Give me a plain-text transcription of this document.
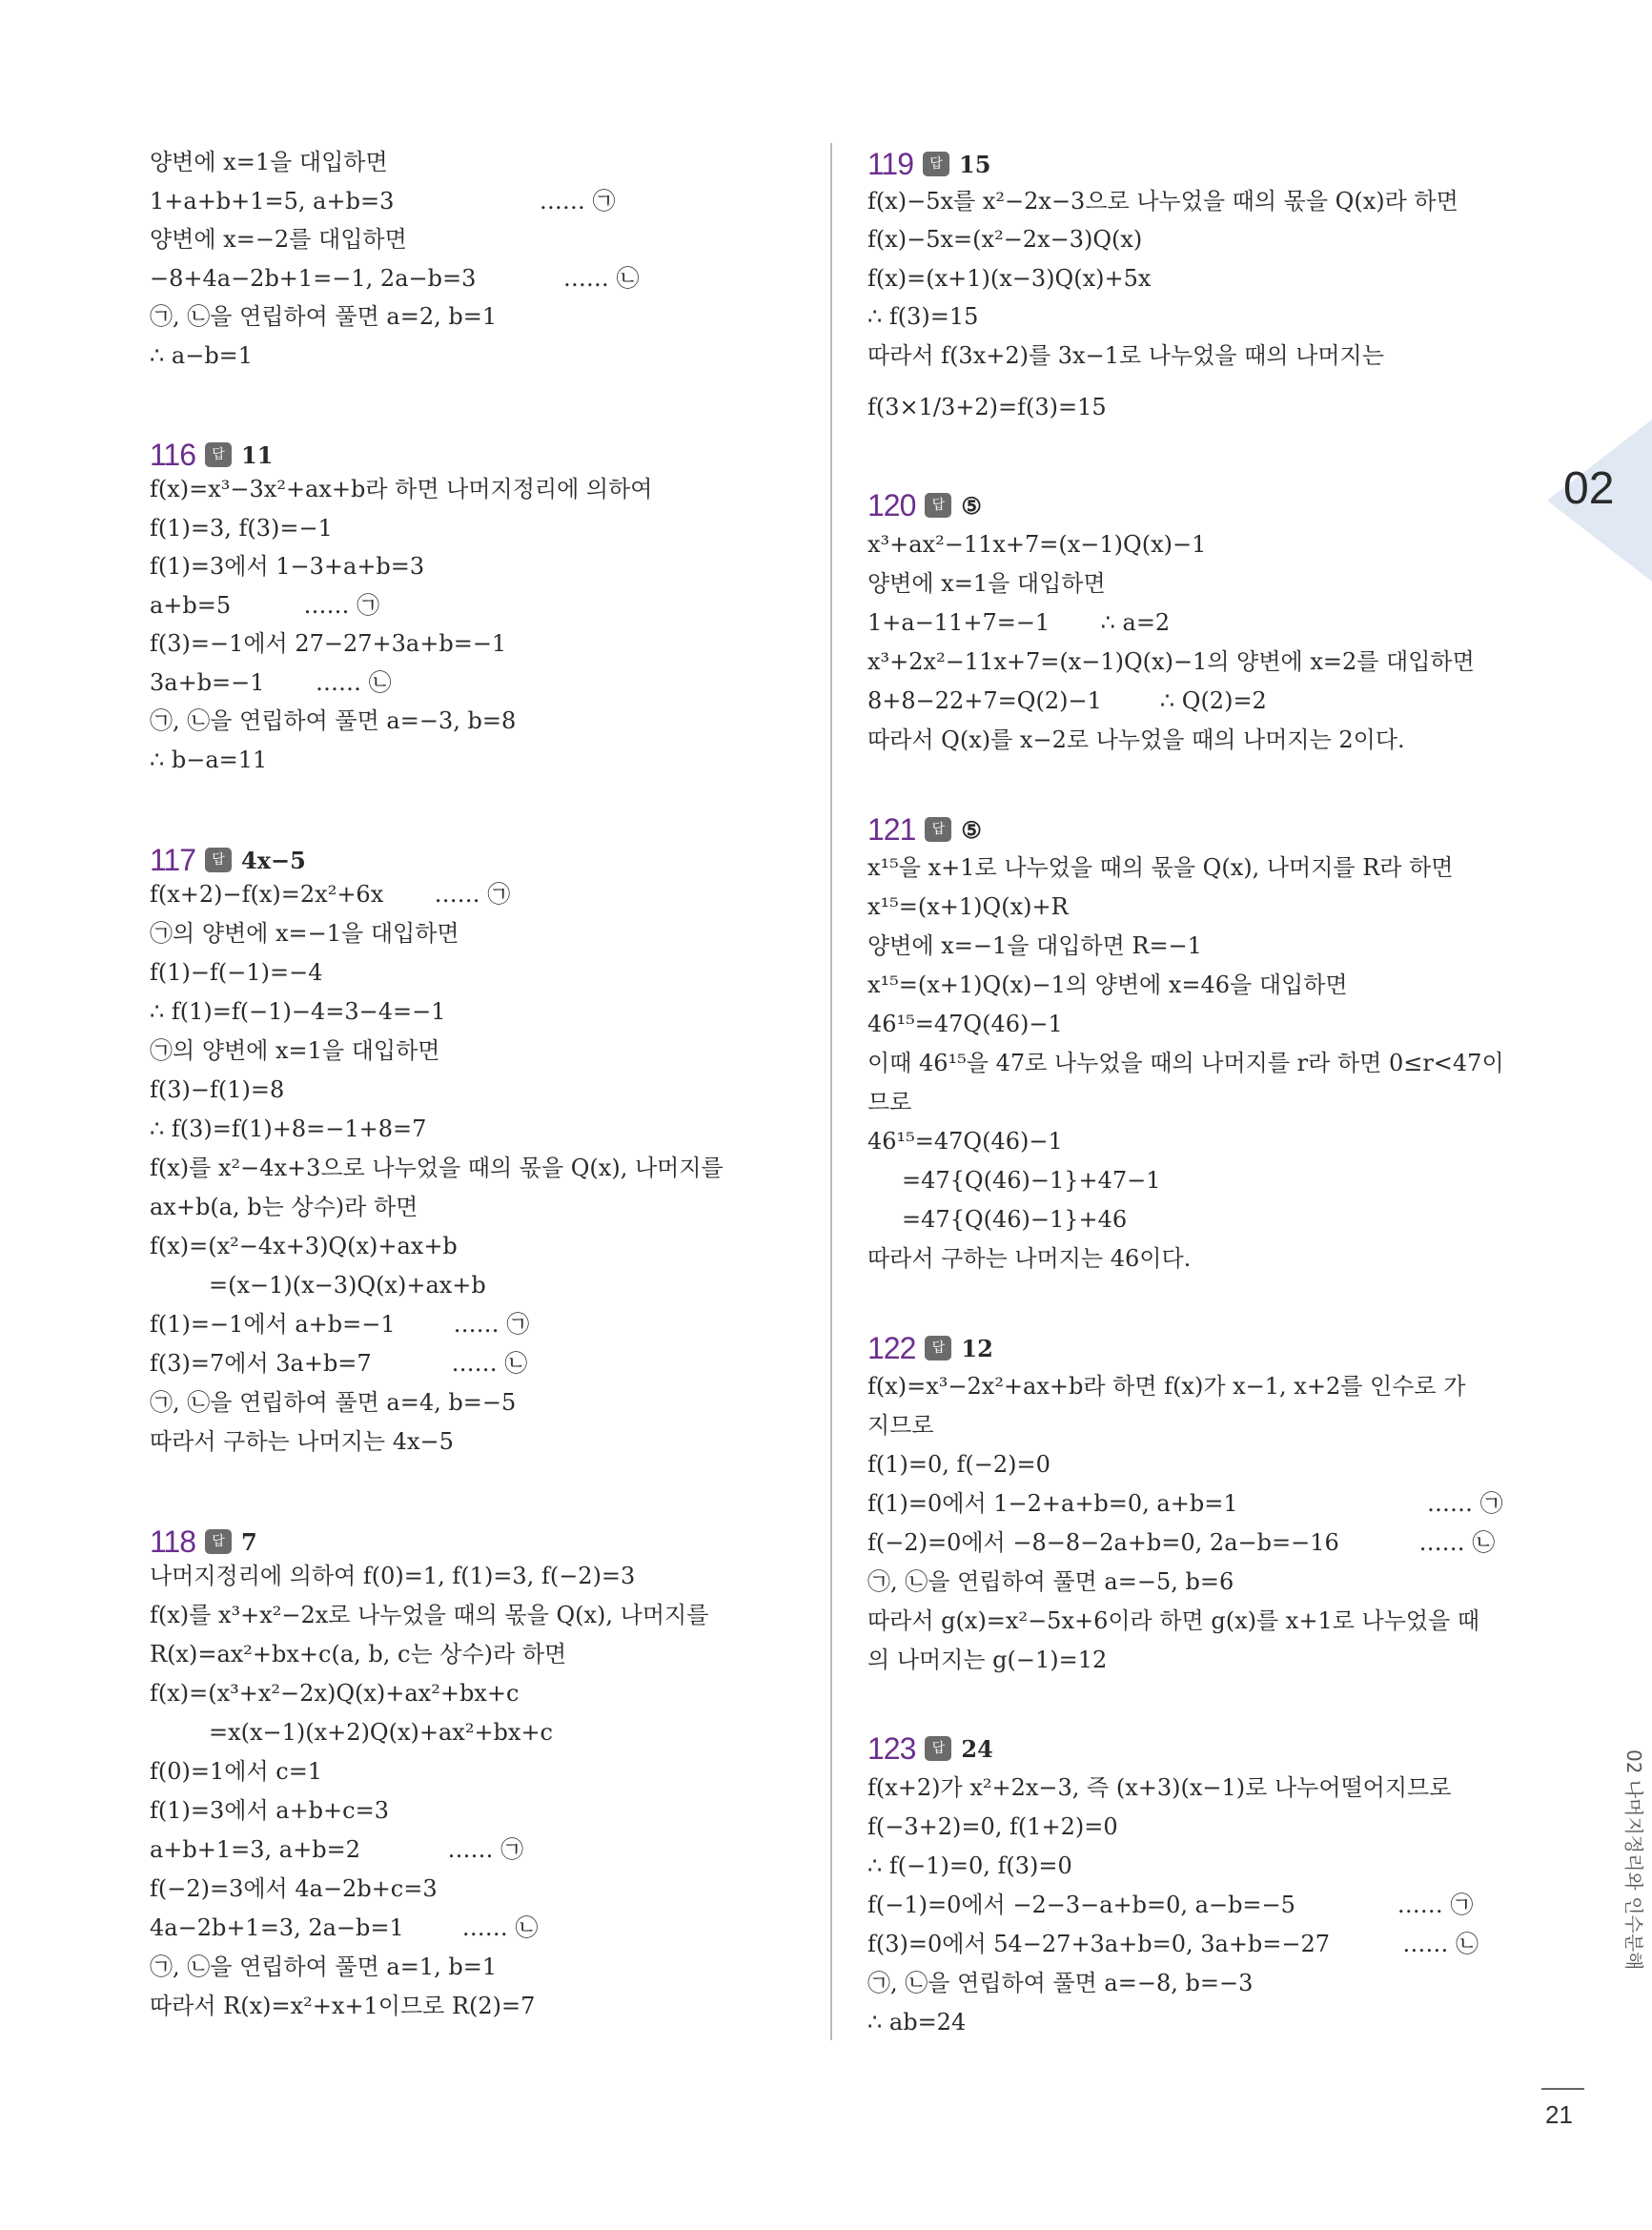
양변에 x=1을 대입하면
1+a+b+1=5, a+b=3                    …… ㉠
양변에 x=−2를 대입하면
−8+4a−2b+1=−1, 2a−b=3            …… ㉡
㉠, ㉡을 연립하여 풀면 a=2, b=1
∴ a−b=1
116	답 11
f(x)=x³−3x²+ax+b라 하면 나머지정리에 의하여
f(1)=3, f(3)=−1
f(1)=3에서 1−3+a+b=3
a+b=5          …… ㉠
f(3)=−1에서 27−27+3a+b=−1
3a+b=−1       …… ㉡
㉠, ㉡을 연립하여 풀면 a=−3, b=8
∴ b−a=11
117	답 4x−5
f(x+2)−f(x)=2x²+6x       …… ㉠
㉠의 양변에 x=−1을 대입하면
f(1)−f(−1)=−4
∴ f(1)=f(−1)−4=3−4=−1
㉠의 양변에 x=1을 대입하면
f(3)−f(1)=8
∴ f(3)=f(1)+8=−1+8=7
f(x)를 x²−4x+3으로 나누었을 때의 몫을 Q(x), 나머지를
ax+b(a, b는 상수)라 하면
f(x)=(x²−4x+3)Q(x)+ax+b
=(x−1)(x−3)Q(x)+ax+b
f(1)=−1에서 a+b=−1        …… ㉠
f(3)=7에서 3a+b=7           …… ㉡
㉠, ㉡을 연립하여 풀면 a=4, b=−5
따라서 구하는 나머지는 4x−5
118	답 7
나머지정리에 의하여 f(0)=1, f(1)=3, f(−2)=3
f(x)를 x³+x²−2x로 나누었을 때의 몫을 Q(x), 나머지를
R(x)=ax²+bx+c(a, b, c는 상수)라 하면
f(x)=(x³+x²−2x)Q(x)+ax²+bx+c
=x(x−1)(x+2)Q(x)+ax²+bx+c
f(0)=1에서 c=1
f(1)=3에서 a+b+c=3
a+b+1=3, a+b=2            …… ㉠
f(−2)=3에서 4a−2b+c=3
4a−2b+1=3, 2a−b=1        …… ㉡
㉠, ㉡을 연립하여 풀면 a=1, b=1
따라서 R(x)=x²+x+1이므로 R(2)=7
119	답 15
f(x)−5x를 x²−2x−3으로 나누었을 때의 몫을 Q(x)라 하면
f(x)−5x=(x²−2x−3)Q(x)
f(x)=(x+1)(x−3)Q(x)+5x
∴ f(3)=15
따라서 f(3x+2)를 3x−1로 나누었을 때의 나머지는
f(3×1/3+2)=f(3)=15
120	답 ⑤
x³+ax²−11x+7=(x−1)Q(x)−1
양변에 x=1을 대입하면
1+a−11+7=−1       ∴ a=2
x³+2x²−11x+7=(x−1)Q(x)−1의 양변에 x=2를 대입하면
8+8−22+7=Q(2)−1        ∴ Q(2)=2
따라서 Q(x)를 x−2로 나누었을 때의 나머지는 2이다.
121	답 ⑤
x¹⁵을 x+1로 나누었을 때의 몫을 Q(x), 나머지를 R라 하면
x¹⁵=(x+1)Q(x)+R
양변에 x=−1을 대입하면 R=−1
x¹⁵=(x+1)Q(x)−1의 양변에 x=46을 대입하면
46¹⁵=47Q(46)−1
이때 46¹⁵을 47로 나누었을 때의 나머지를 r라 하면 0≤r<47이
므로
46¹⁵=47Q(46)−1
=47{Q(46)−1}+47−1
=47{Q(46)−1}+46
따라서 구하는 나머지는 46이다.
122	답 12
f(x)=x³−2x²+ax+b라 하면 f(x)가 x−1, x+2를 인수로 가
지므로
f(1)=0, f(−2)=0
f(1)=0에서 1−2+a+b=0, a+b=1                          …… ㉠
f(−2)=0에서 −8−8−2a+b=0, 2a−b=−16           …… ㉡
㉠, ㉡을 연립하여 풀면 a=−5, b=6
따라서 g(x)=x²−5x+6이라 하면 g(x)를 x+1로 나누었을 때
의 나머지는 g(−1)=12
123	답 24
f(x+2)가 x²+2x−3, 즉 (x+3)(x−1)로 나누어떨어지므로
f(−3+2)=0, f(1+2)=0
∴ f(−1)=0, f(3)=0
f(−1)=0에서 −2−3−a+b=0, a−b=−5              …… ㉠
f(3)=0에서 54−27+3a+b=0, 3a+b=−27          …… ㉡
㉠, ㉡을 연립하여 풀면 a=−8, b=−3
∴ ab=24
02
02 나머지정리와 인수분해
21
